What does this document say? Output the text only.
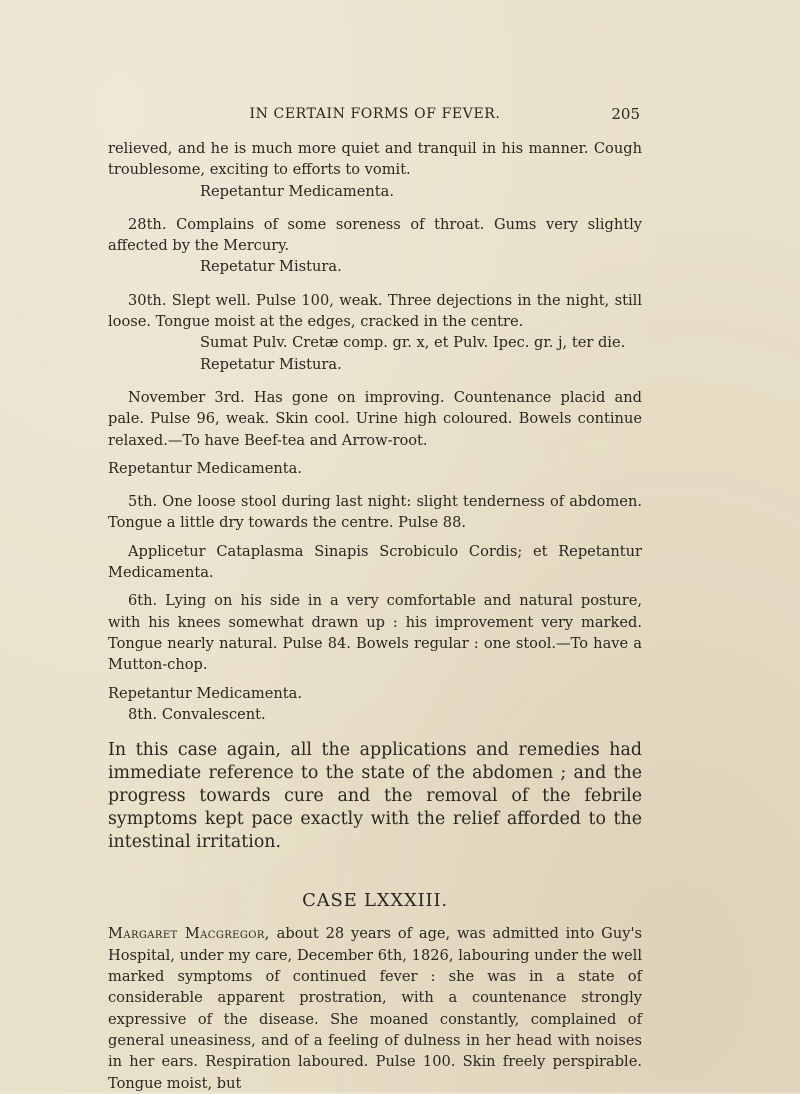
IN CERTAIN FORMS OF FEVER.	205

relieved, and he is much more quiet and tranquil in his manner. Cough troublesome, exciting to efforts to vomit.

Repetantur Medicamenta.

28th. Complains of some soreness of throat. Gums very slightly affected by the Mercury.

Repetatur Mistura.

30th. Slept well. Pulse 100, weak. Three dejections in the night, still loose. Tongue moist at the edges, cracked in the centre.

Sumat Pulv. Cretæ comp. gr. x, et Pulv. Ipec. gr. j, ter die.

Repetatur Mistura.

November 3rd. Has gone on improving. Countenance placid and pale. Pulse 96, weak. Skin cool. Urine high coloured. Bowels continue relaxed.—To have Beef-tea and Arrow-root.

Repetantur Medicamenta.

5th. One loose stool during last night: slight tenderness of abdomen. Tongue a little dry towards the centre. Pulse 88.

Applicetur Cataplasma Sinapis Scrobiculo Cordis; et Repetantur Medicamenta.

6th. Lying on his side in a very comfortable and natural posture, with his knees somewhat drawn up : his improvement very marked. Tongue nearly natural. Pulse 84. Bowels regular : one stool.—To have a Mutton-chop.

Repetantur Medicamenta.

8th. Convalescent.

In this case again, all the applications and remedies had immediate reference to the state of the abdomen ; and the progress towards cure and the removal of the febrile symptoms kept pace exactly with the relief afforded to the intestinal irritation.

CASE LXXXIII.

Margaret Macgregor, about 28 years of age, was admitted into Guy's Hospital, under my care, December 6th, 1826, labouring under the well marked symptoms of continued fever : she was in a state of considerable apparent prostration, with a countenance strongly expressive of the disease. She moaned constantly, complained of general uneasiness, and of a feeling of dulness in her head with noises in her ears. Respiration laboured. Pulse 100. Skin freely perspirable. Tongue moist, but
